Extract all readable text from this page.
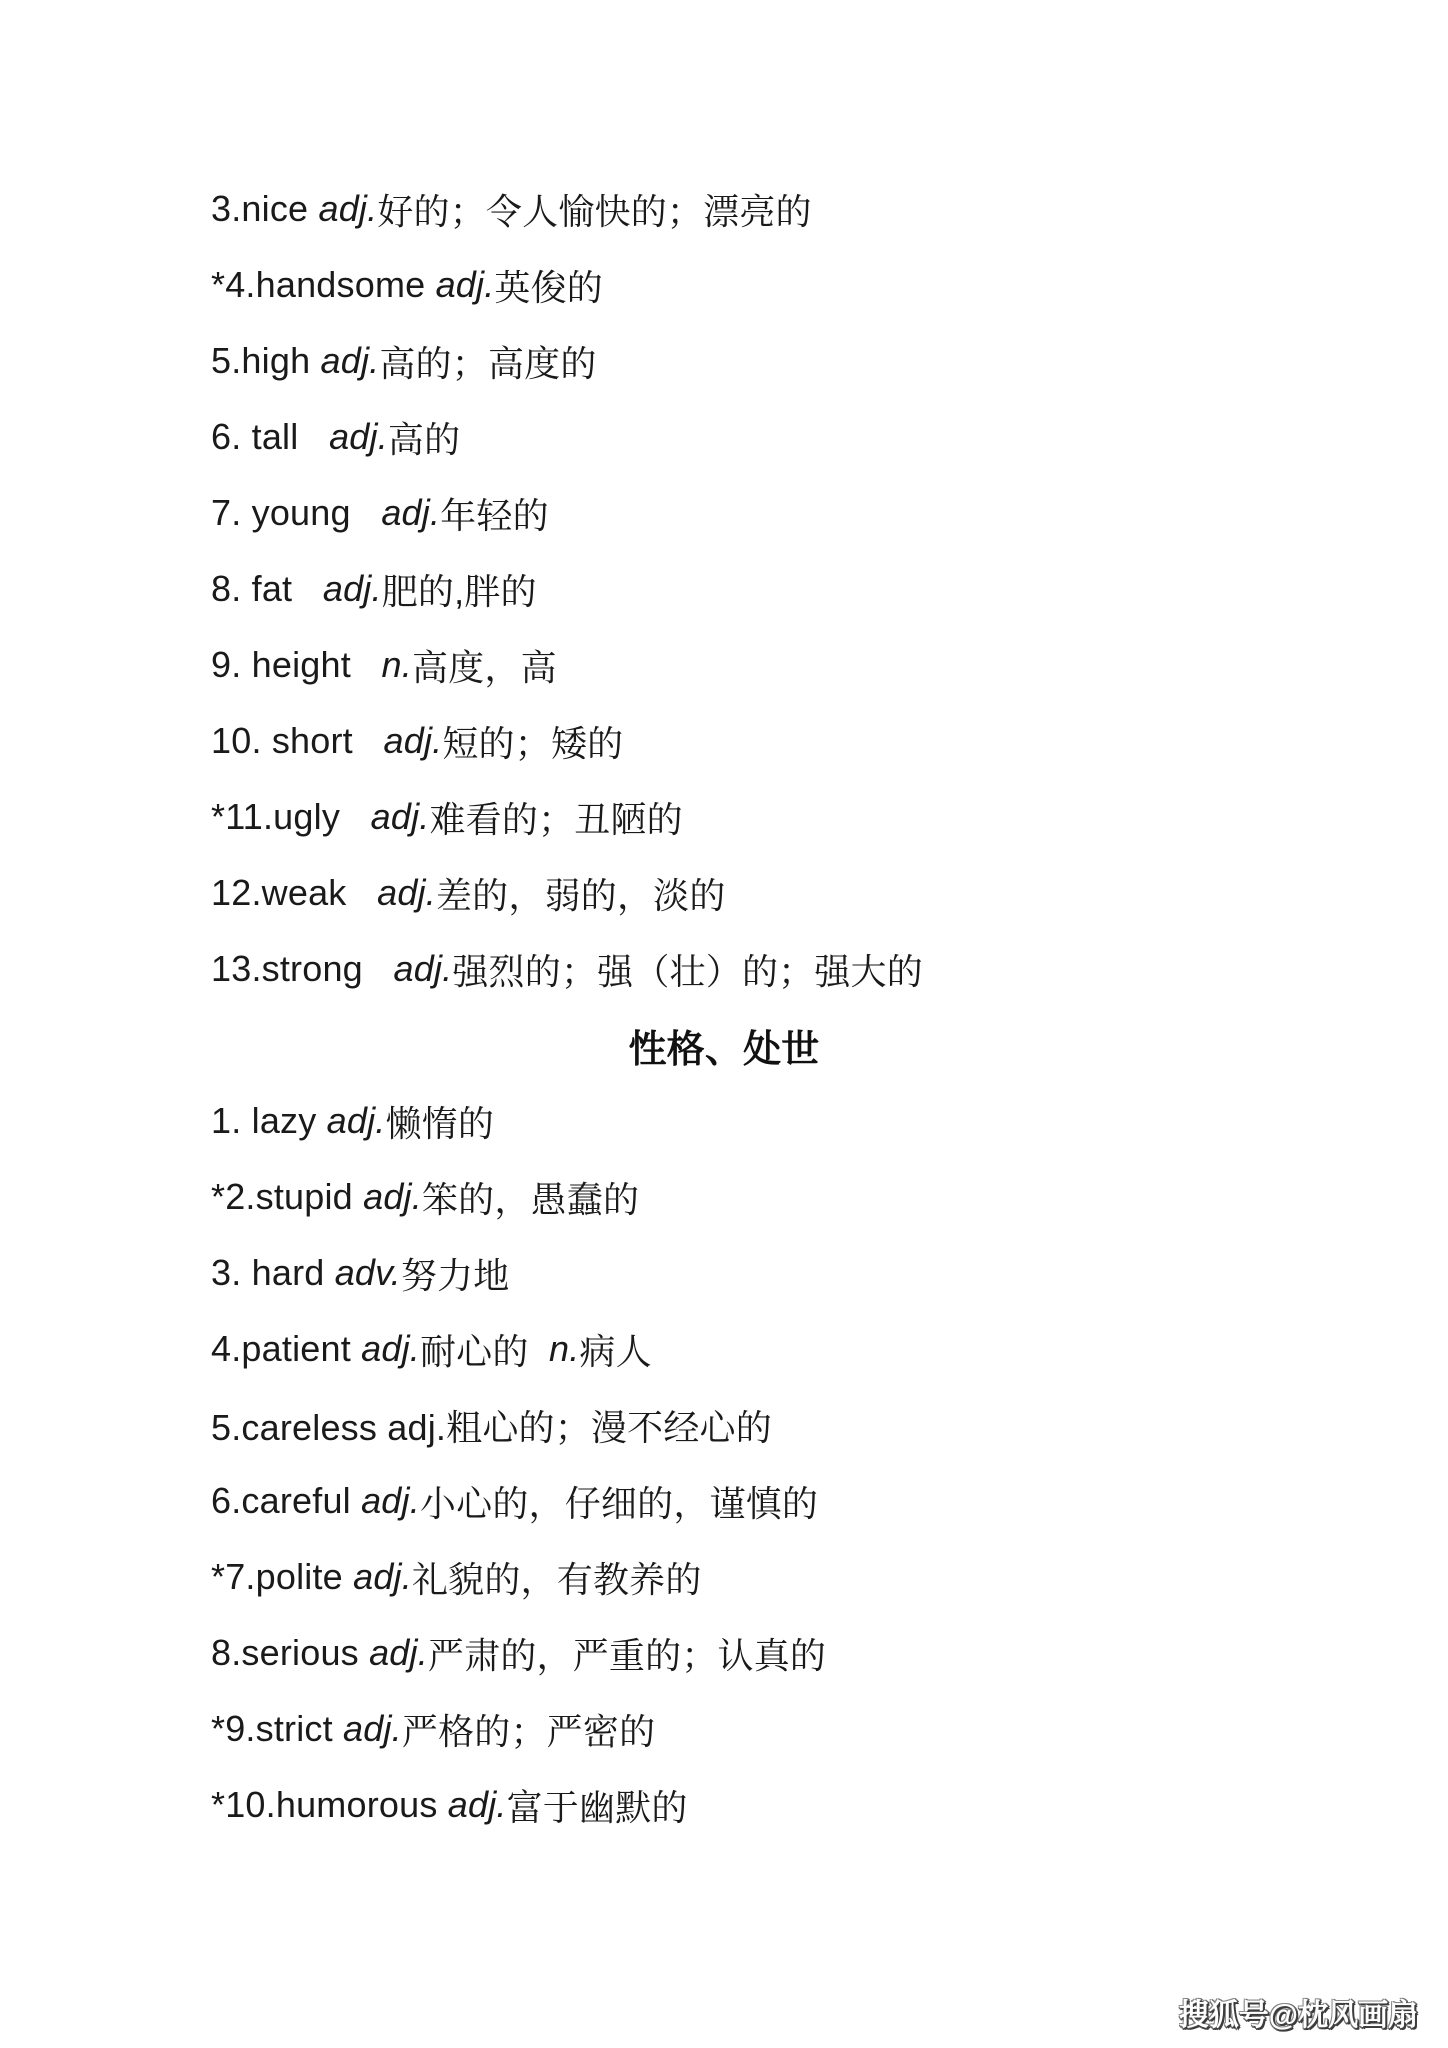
3.nice adj. 好的；令人愉快的；漂亮的
*4.handsome adj. 英俊的
5.high adj. 高的；高度的
6. tall adj. 高的
7. young adj. 年轻的
8. fat adj. 肥的,胖的
9. height n. 高度，高
10. short adj. 短的；矮的
*11.ugly adj. 难看的；丑陋的
12.weak adj. 差的，弱的，淡的
13.strong adj. 强烈的；强（壮）的；强大的
性格、处世
1. lazy adj. 懒惰的
*2.stupid adj. 笨的，愚蠢的
3. hard adv. 努力地
4.patient adj. 耐心的 n. 病人
5.careless adj.粗心的；漫不经心的
6.careful adj. 小心的，仔细的，谨慎的
*7.polite adj. 礼貌的，有教养的
8.serious adj. 严肃的，严重的；认真的
*9.strict adj. 严格的；严密的
*10.humorous adj. 富于幽默的
搜狐号@枕风画扇
